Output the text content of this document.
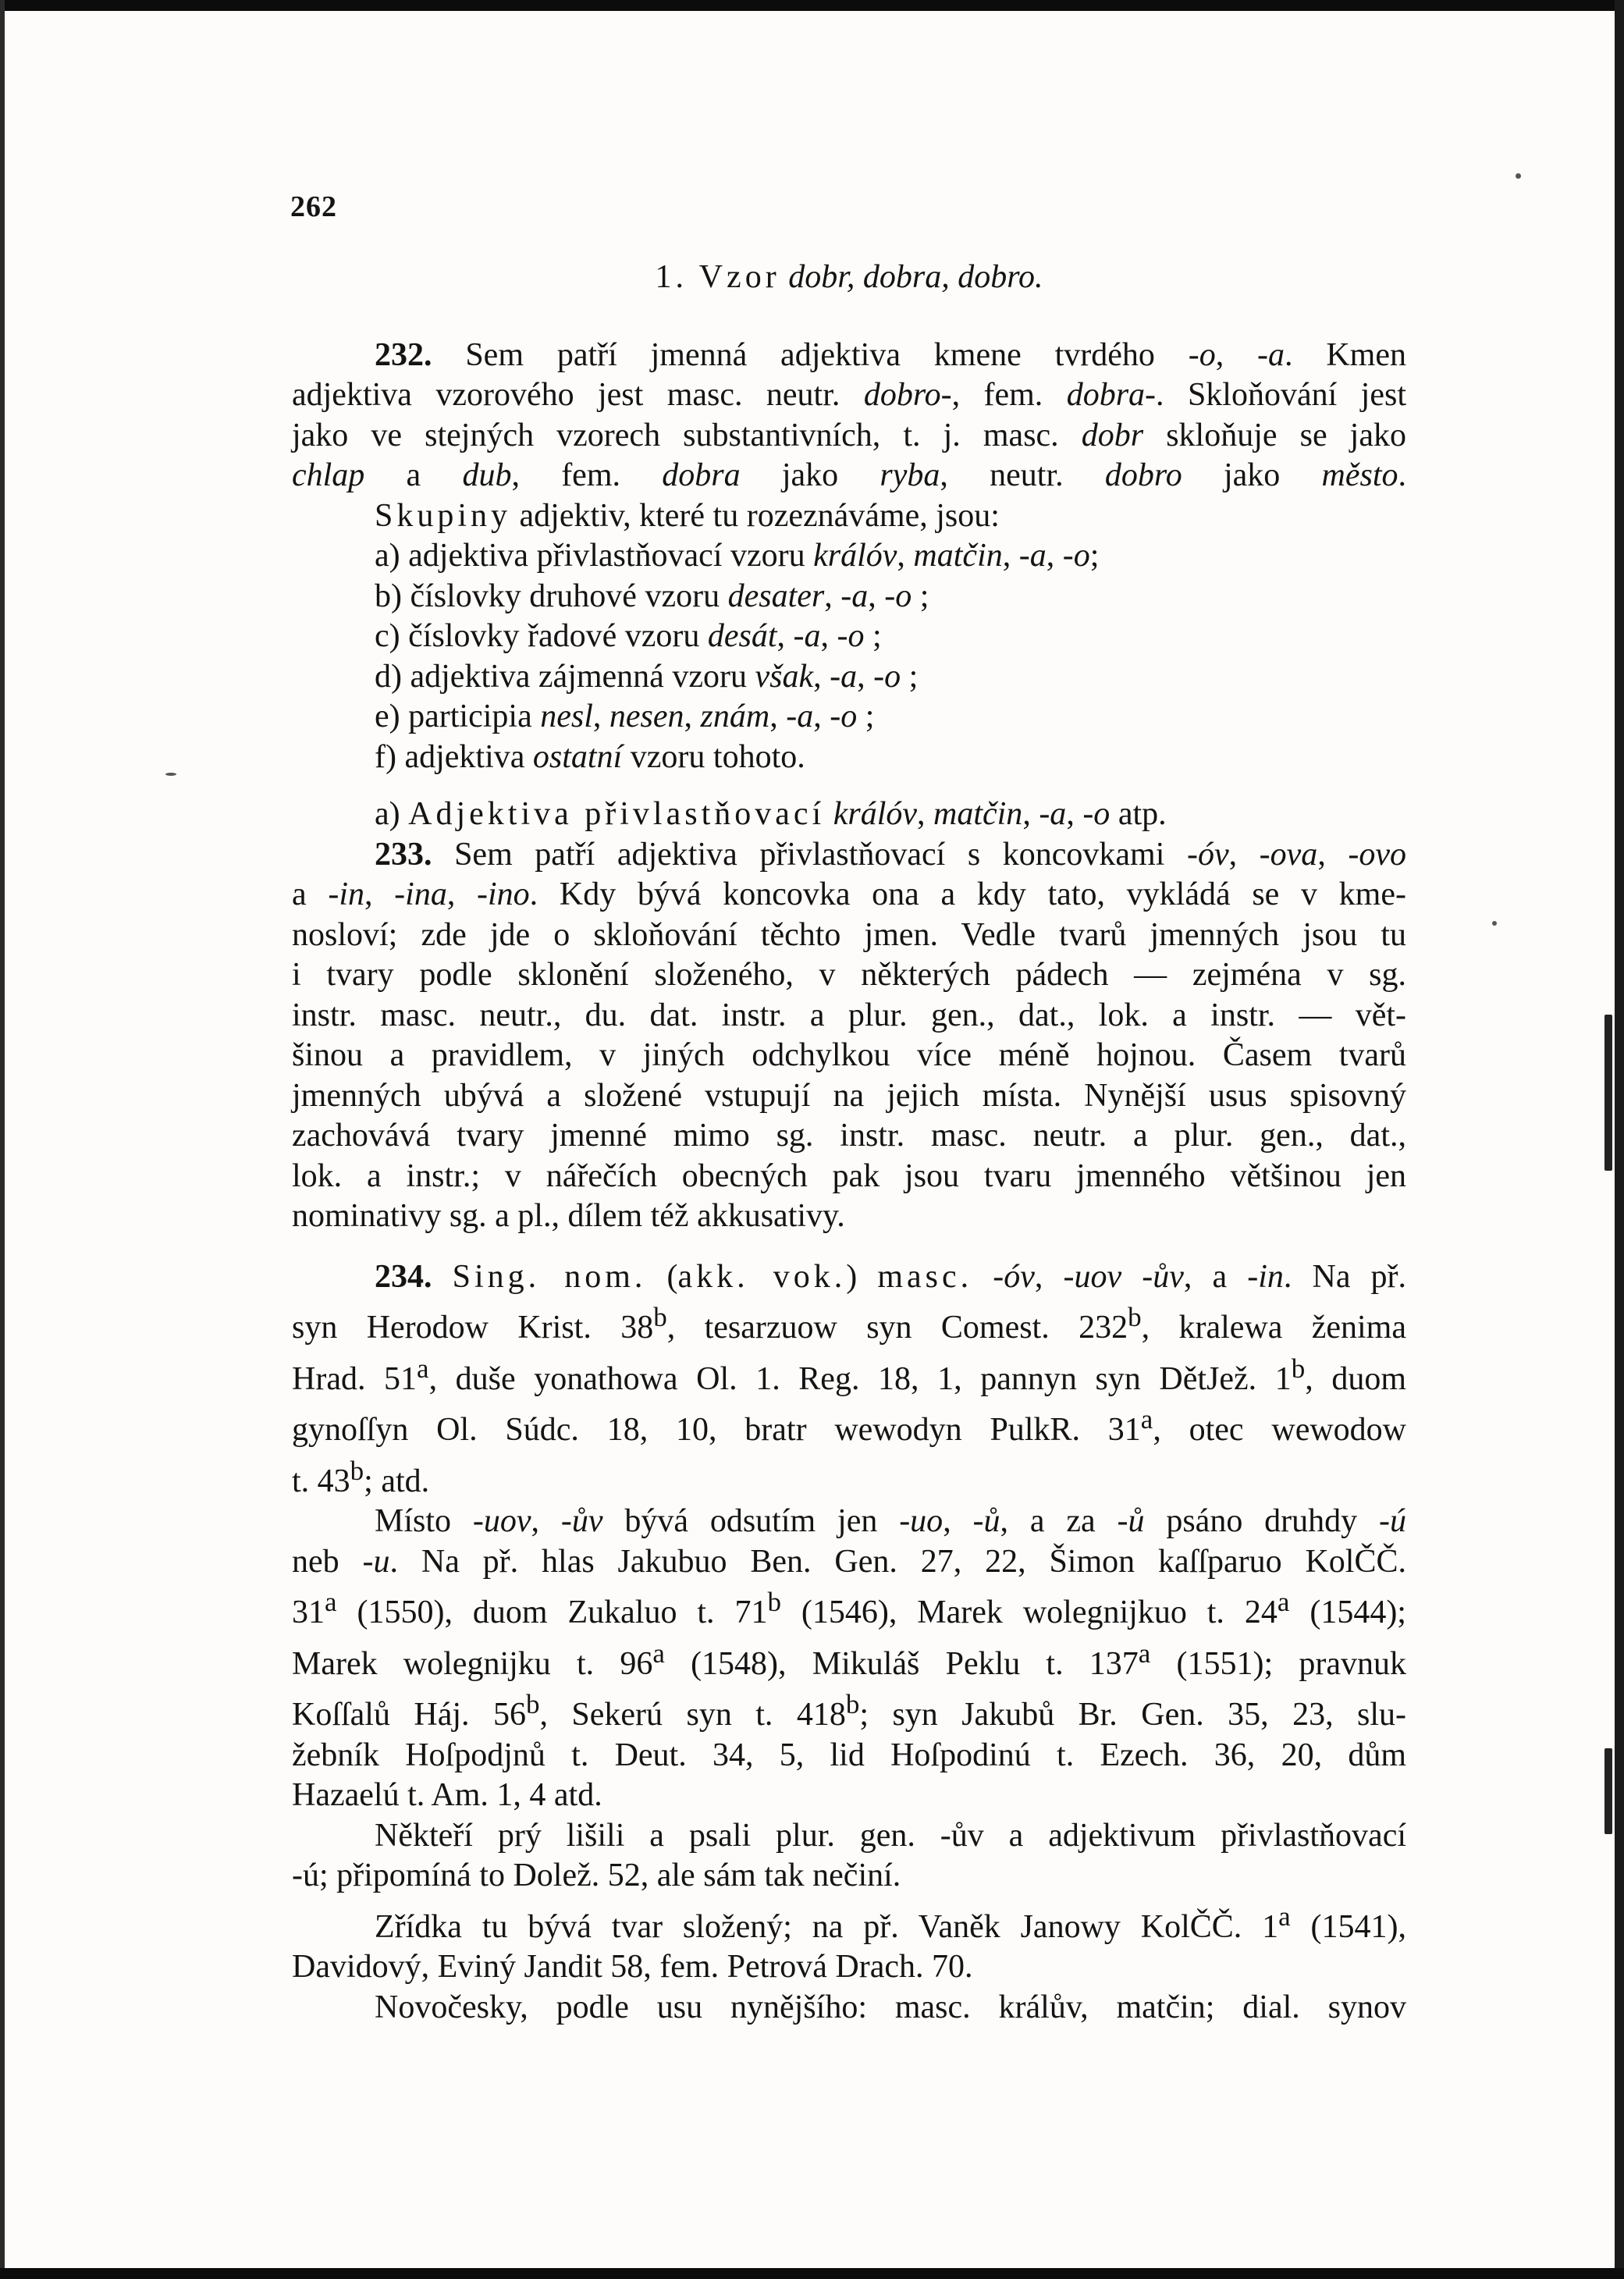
262

1. Vzor dobr, dobra, dobro.

232. Sem patří jmenná adjektiva kmene tvrdého -o, -a. Kmen

adjektiva vzorového jest masc. neutr. dobro-, fem. dobra-. Skloňování jest

jako ve stejných vzorech substantivních, t. j. masc. dobr skloňuje se jako

chlap a dub, fem. dobra jako ryba, neutr. dobro jako město.

Skupiny adjektiv, které tu rozeznáváme, jsou:

a) adjektiva přivlastňovací vzoru králóv, matčin, -a, -o;

b) číslovky druhové vzoru desater, -a, -o ;

c) číslovky řadové vzoru desát, -a, -o ;

d) adjektiva zájmenná vzoru však, -a, -o ;

e) participia nesl, nesen, znám, -a, -o ;

f) adjektiva ostatní vzoru tohoto.

a) Adjektiva přivlastňovací králóv, matčin, -a, -o atp.

233. Sem patří adjektiva přivlastňovací s koncovkami -óv, -ova, -ovo

a -in, -ina, -ino. Kdy bývá koncovka ona a kdy tato, vykládá se v kme-

nosloví; zde jde o skloňování těchto jmen. Vedle tvarů jmenných jsou tu

i tvary podle sklonění složeného, v některých pádech — zejména v sg.

instr. masc. neutr., du. dat. instr. a plur. gen., dat., lok. a instr. — vět-

šinou a pravidlem, v jiných odchylkou více méně hojnou. Časem tvarů

jmenných ubývá a složené vstupují na jejich místa. Nynější usus spisovný

zachovává tvary jmenné mimo sg. instr. masc. neutr. a plur. gen., dat.,

lok. a instr.; v nářečích obecných pak jsou tvaru jmenného většinou jen

nominativy sg. a pl., dílem též akkusativy.

234. Sing. nom. (akk. vok.) masc. -óv, -uov -ův, a -in. Na př.

syn Herodow Krist. 38$^b$, tesarzuow syn Comest. 232$^b$, kralewa ženima

Hrad. 51$^a$, duše yonathowa Ol. 1. Reg. 18, 1, pannyn syn DětJež. 1$^b$, duom

gynoſſyn Ol. Súdc. 18, 10, bratr wewodyn PulkR. 31$^a$, otec wewodow

t. 43$^b$; atd.

Místo -uov, -ův bývá odsutím jen -uo, -ů, a za -ů psáno druhdy -ú

neb -u. Na př. hlas Jakubuo Ben. Gen. 27, 22, Šimon kaſſparuo KolČČ.

31$^a$ (1550), duom Zukaluo t. 71$^b$ (1546), Marek wolegnijkuo t. 24$^a$ (1544);

Marek wolegnijku t. 96$^a$ (1548), Mikuláš Peklu t. 137$^a$ (1551); pravnuk

Koſſalů Háj. 56$^b$, Sekerú syn t. 418$^b$; syn Jakubů Br. Gen. 35, 23, slu-

žebník Hoſpodjnů t. Deut. 34, 5, lid Hoſpodinú t. Ezech. 36, 20, dům

Hazaelú t. Am. 1, 4 atd.

Někteří prý lišili a psali plur. gen. -ův a adjektivum přivlastňovací

-ú; připomíná to Dolež. 52, ale sám tak nečiní.

Zřídka tu bývá tvar složený; na př. Vaněk Janowy KolČČ. 1$^a$ (1541),

Davidový, Eviný Jandit 58, fem. Petrová Drach. 70.

Novočesky, podle usu nynějšího: masc. králův, matčin; dial. synov
